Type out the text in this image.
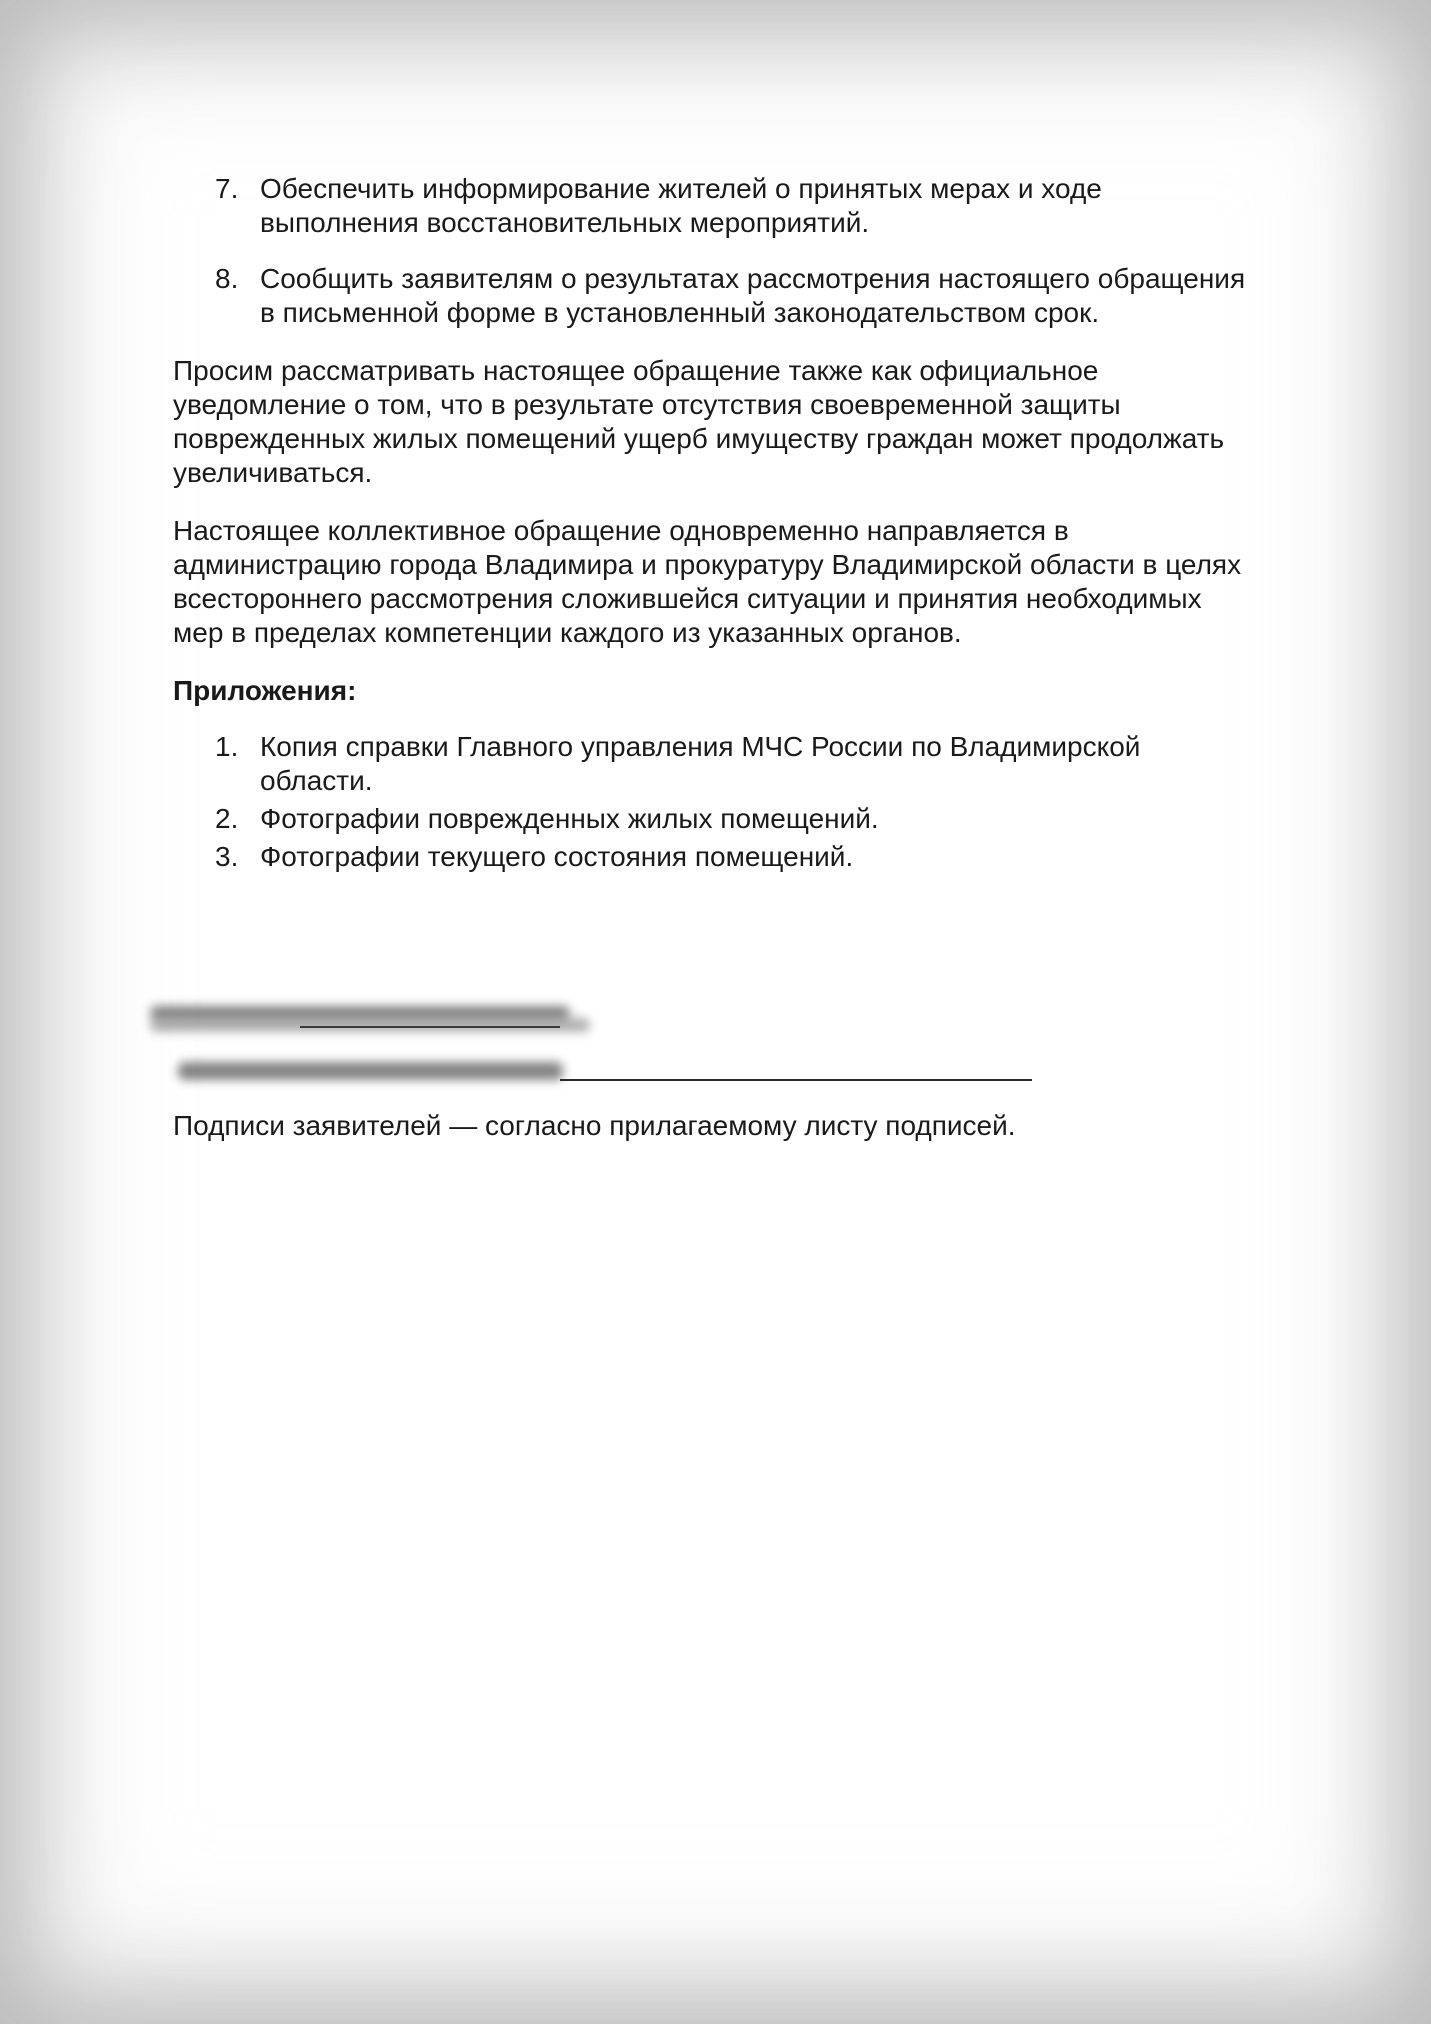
7. Обеспечить информирование жителей о принятых мерах и ходе выполнения восстановительных мероприятий.
8. Сообщить заявителям о результатах рассмотрения настоящего обращения в письменной форме в установленный законодательством срок.

Просим рассматривать настоящее обращение также как официальное уведомление о том, что в результате отсутствия своевременной защиты поврежденных жилых помещений ущерб имуществу граждан может продолжать увеличиваться.

Настоящее коллективное обращение одновременно направляется в администрацию города Владимира и прокуратуру Владимирской области в целях всестороннего рассмотрения сложившейся ситуации и принятия необходимых мер в пределах компетенции каждого из указанных органов.

Приложения:
1. Копия справки Главного управления МЧС России по Владимирской области.
2. Фотографии поврежденных жилых помещений.
3. Фотографии текущего состояния помещений.
Подписи заявителей — согласно прилагаемому листу подписей.
